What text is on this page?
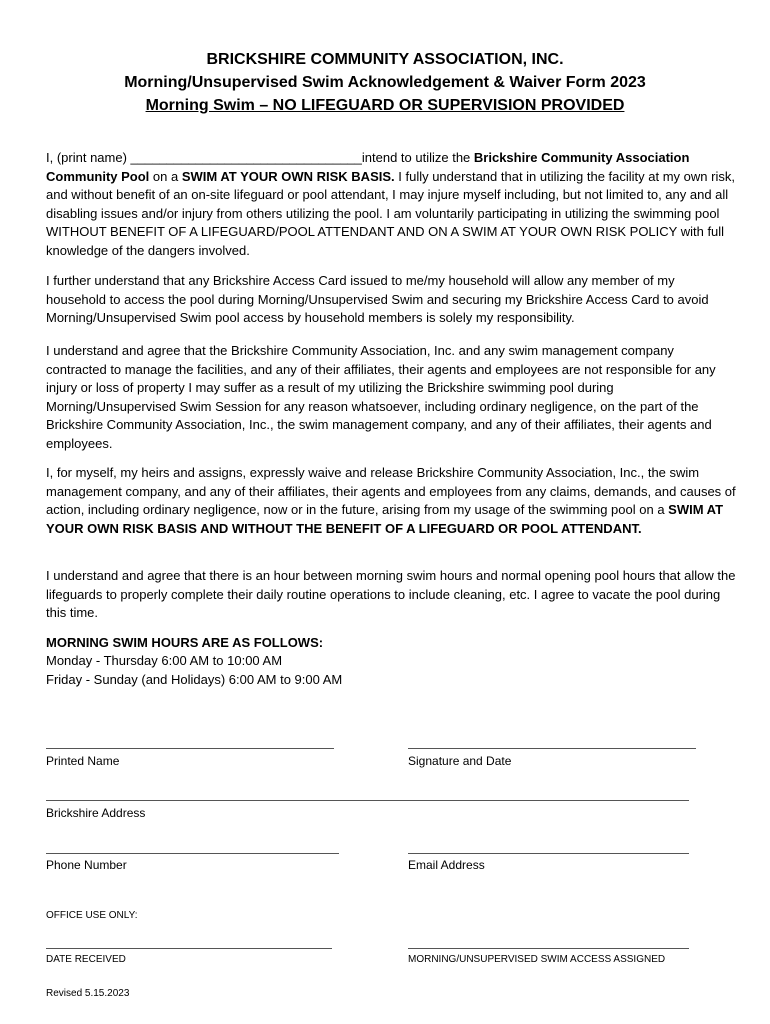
BRICKSHIRE COMMUNITY ASSOCIATION, INC.
Morning/Unsupervised Swim Acknowledgement & Waiver Form 2023
Morning Swim – NO LIFEGUARD OR SUPERVISION PROVIDED
I, (print name) ________________________________intend to utilize the Brickshire Community Association Community Pool on a SWIM AT YOUR OWN RISK BASIS. I fully understand that in utilizing the facility at my own risk, and without benefit of an on-site lifeguard or pool attendant, I may injure myself including, but not limited to, any and all disabling issues and/or injury from others utilizing the pool. I am voluntarily participating in utilizing the swimming pool WITHOUT BENEFIT OF A LIFEGUARD/POOL ATTENDANT AND ON A SWIM AT YOUR OWN RISK POLICY with full knowledge of the dangers involved.
I further understand that any Brickshire Access Card issued to me/my household will allow any member of my household to access the pool during Morning/Unsupervised Swim and securing my Brickshire Access Card to avoid Morning/Unsupervised Swim pool access by household members is solely my responsibility.
I understand and agree that the Brickshire Community Association, Inc. and any swim management company contracted to manage the facilities, and any of their affiliates, their agents and employees are not responsible for any injury or loss of property I may suffer as a result of my utilizing the Brickshire swimming pool during Morning/Unsupervised Swim Session for any reason whatsoever, including ordinary negligence, on the part of the Brickshire Community Association, Inc., the swim management company, and any of their affiliates, their agents and employees.
I, for myself, my heirs and assigns, expressly waive and release Brickshire Community Association, Inc., the swim management company, and any of their affiliates, their agents and employees from any claims, demands, and causes of action, including ordinary negligence, now or in the future, arising from my usage of the swimming pool on a SWIM AT YOUR OWN RISK BASIS AND WITHOUT THE BENEFIT OF A LIFEGUARD OR POOL ATTENDANT.
I understand and agree that there is an hour between morning swim hours and normal opening pool hours that allow the lifeguards to properly complete their daily routine operations to include cleaning, etc. I agree to vacate the pool during this time.
MORNING SWIM HOURS ARE AS FOLLOWS:
Monday - Thursday 6:00 AM to 10:00 AM
Friday - Sunday (and Holidays) 6:00 AM to 9:00 AM
Printed Name	Signature and Date
Brickshire Address
Phone Number	Email Address
OFFICE USE ONLY:
DATE RECEIVED	MORNING/UNSUPERVISED SWIM ACCESS ASSIGNED
Revised 5.15.2023
